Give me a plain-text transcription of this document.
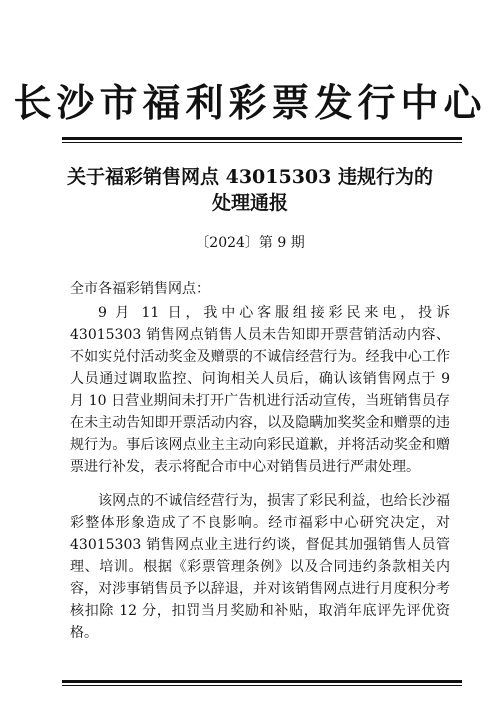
长沙市福利彩票发行中心
关于福彩销售网点 43015303 违规行为的
处理通报
〔2024〕第 9 期
全市各福彩销售网点：
9 月 11 日，我中心客服组接彩民来电，投诉 43015303 销售网点销售人员未告知即开票营销活动内容、不如实兑付活动奖金及赠票的不诚信经营行为。经我中心工作人员通过调取监控、问询相关人员后，确认该销售网点于 9 月 10 日营业期间未打开广告机进行活动宣传，当班销售员存在未主动告知即开票活动内容，以及隐瞒加奖奖金和赠票的违规行为。事后该网点业主主动向彩民道歉，并将活动奖金和赠票进行补发，表示将配合市中心对销售员进行严肃处理。
该网点的不诚信经营行为，损害了彩民利益，也给长沙福彩整体形象造成了不良影响。经市福彩中心研究决定，对 43015303 销售网点业主进行约谈，督促其加强销售人员管理、培训。根据《彩票管理条例》以及合同违约条款相关内容，对涉事销售员予以辞退，并对该销售网点进行月度积分考核扣除 12 分，扣罚当月奖励和补贴，取消年底评先评优资格。
